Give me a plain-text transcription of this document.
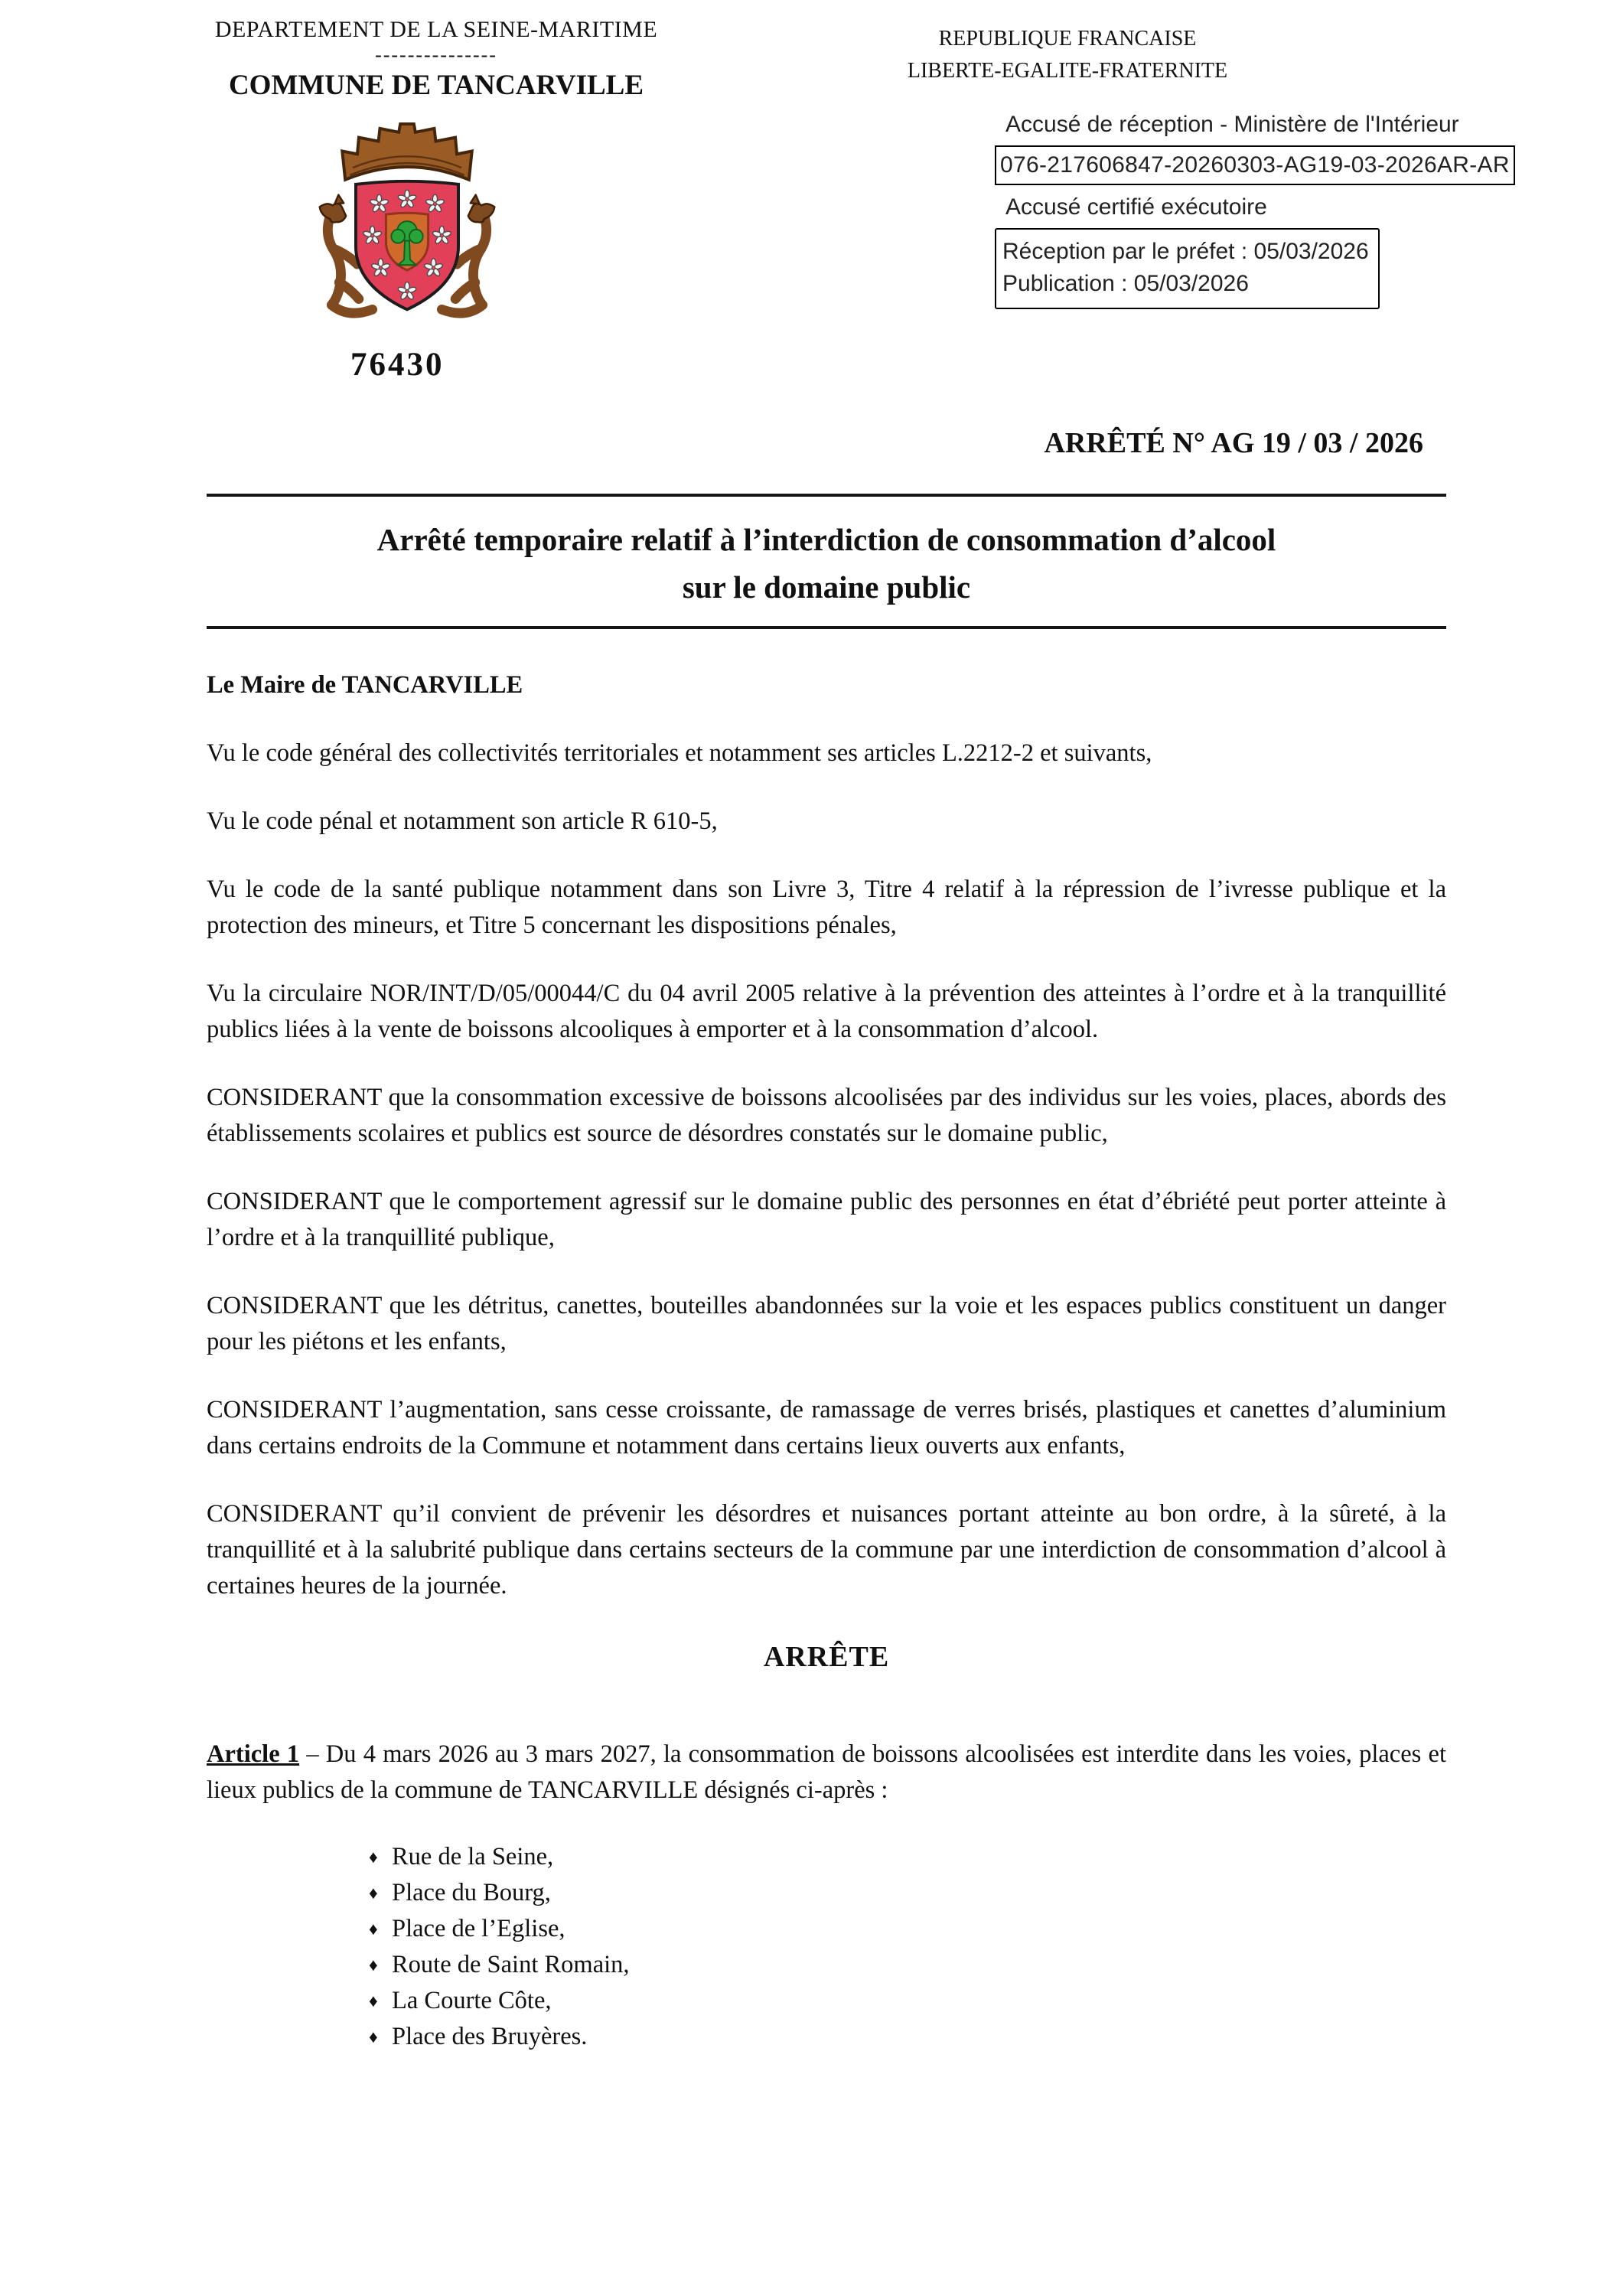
DEPARTEMENT DE LA SEINE-MARITIME
---------------
COMMUNE DE TANCARVILLE
REPUBLIQUE FRANCAISE
LIBERTE-EGALITE-FRATERNITE
Accusé de réception - Ministère de l'Intérieur
076-217606847-20260303-AG19-03-2026AR-AR
Accusé certifié exécutoire
Réception par le préfet : 05/03/2026
Publication : 05/03/2026
76430
ARRÊTÉ N° AG 19 / 03 / 2026
Arrêté temporaire relatif à l’interdiction de consommation d’alcool
sur le domaine public

Le Maire de TANCARVILLE

Vu le code général des collectivités territoriales et notamment ses articles L.2212-2 et suivants,

Vu le code pénal et notamment son article R 610-5,

Vu le code de la santé publique notamment dans son Livre 3, Titre 4 relatif à la répression de l’ivresse publique et la protection des mineurs, et Titre 5 concernant les dispositions pénales,

Vu la circulaire NOR/INT/D/05/00044/C du 04 avril 2005 relative à la prévention des atteintes à l’ordre et à la tranquillité publics liées à la vente de boissons alcooliques à emporter et à la consommation d’alcool.

CONSIDERANT que la consommation excessive de boissons alcoolisées par des individus sur les voies, places, abords des établissements scolaires et publics est source de désordres constatés sur le domaine public,

CONSIDERANT que le comportement agressif sur le domaine public des personnes en état d’ébriété peut porter atteinte à l’ordre et à la tranquillité publique,

CONSIDERANT que les détritus, canettes, bouteilles abandonnées sur la voie et les espaces publics constituent un danger pour les piétons et les enfants,

CONSIDERANT l’augmentation, sans cesse croissante, de ramassage de verres brisés, plastiques et canettes d’aluminium dans certains endroits de la Commune et notamment dans certains lieux ouverts aux enfants,

CONSIDERANT qu’il convient de prévenir les désordres et nuisances portant atteinte au bon ordre, à la sûreté, à la tranquillité et à la salubrité publique dans certains secteurs de la commune par une interdiction de consommation d’alcool à certaines heures de la journée.

ARRÊTE

Article 1 – Du 4 mars 2026 au 3 mars 2027, la consommation de boissons alcoolisées est interdite dans les voies, places et lieux publics de la commune de TANCARVILLE désignés ci-après :

♦ Rue de la Seine,
♦ Place du Bourg,
♦ Place de l’Eglise,
♦ Route de Saint Romain,
♦ La Courte Côte,
♦ Place des Bruyères.
